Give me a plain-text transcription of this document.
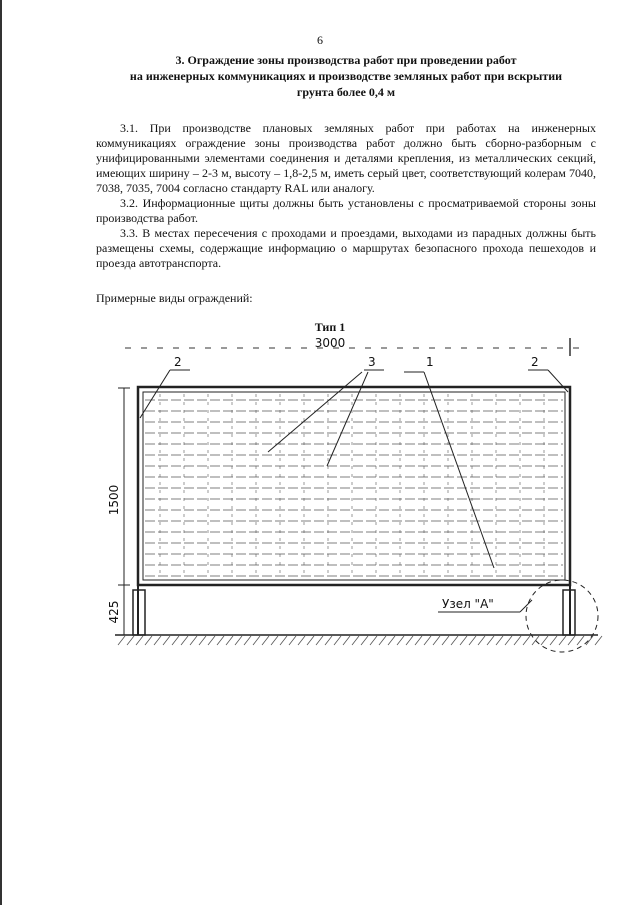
6
3. Ограждение зоны производства работ при проведении работ
на инженерных коммуникациях и производстве земляных работ при вскрытии
грунта более 0,4 м

3.1. При производстве плановых земляных работ при работах на инженерных коммуникациях ограждение зоны производства работ должно быть сборно-разборным с унифицированными элементами соединения и деталями крепления, из металлических секций, имеющих ширину – 2-3 м, высоту – 1,8-2,5 м, иметь серый цвет, соответствующий колерам 7040, 7038, 7035, 7004 согласно стандарту RAL или аналогу.

3.2. Информационные щиты должны быть установлены с просматриваемой стороны зоны производства работ.

3.3. В местах пересечения с проходами и проездами, выходами из парадных должны быть размещены схемы, содержащие информацию о маршрутах безопасного прохода пешеходов и проезда автотранспорта.

Примерные виды ограждений:
Тип 1
3000
1500
425
2	3	1	2
Узел "А"
